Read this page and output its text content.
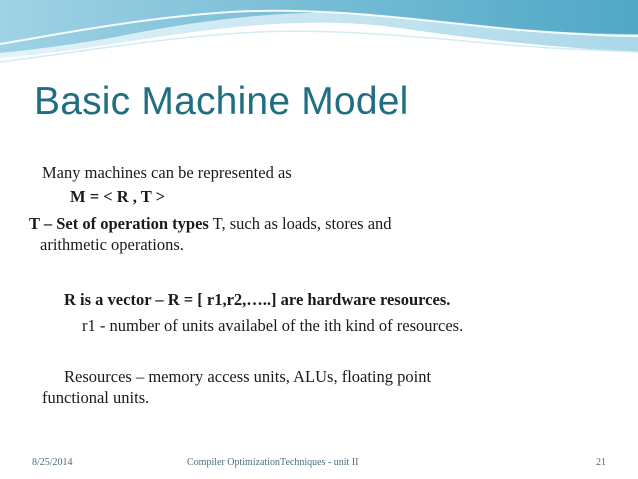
Basic Machine Model
Many machines can be represented as
M = < R , T >
T – Set of operation types T, such as loads, stores and
arithmetic operations.
R is a vector – R = [ r1,r2,…..] are hardware resources.
r1 - number of units availabel of the ith kind of resources.
Resources – memory access units, ALUs, floating point
functional units.
8/25/2014	Compiler OptimizationTechniques - unit II	21
